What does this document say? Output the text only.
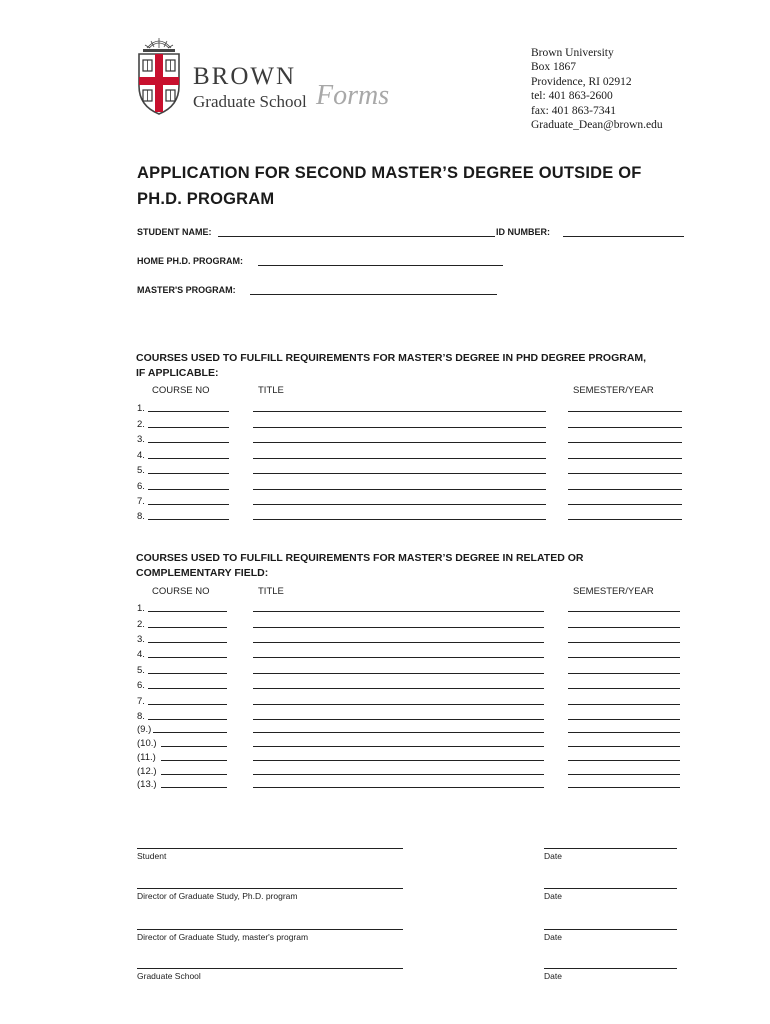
BROWN
Graduate School Forms
Brown University
Box 1867
Providence, RI 02912
tel: 401 863-2600
fax: 401 863-7341
Graduate_Dean@brown.edu
APPLICATION FOR SECOND MASTER’S DEGREE OUTSIDE OF
PH.D. PROGRAM
STUDENT NAME:	ID NUMBER:
HOME PH.D. PROGRAM:
MASTER'S PROGRAM:
COURSES USED TO FULFILL REQUIREMENTS FOR MASTER’S DEGREE IN PHD DEGREE PROGRAM,
IF APPLICABLE:
COURSE NO	TITLE	SEMESTER/YEAR
1.
2.
3.
4.
5.
6.
7.
8.
COURSES USED TO FULFILL REQUIREMENTS FOR MASTER’S DEGREE IN RELATED OR
COMPLEMENTARY FIELD:
COURSE NO	TITLE	SEMESTER/YEAR
1.
2.
3.
4.
5.
6.
7.
8.
(9.)
(10.)
(11.)
(12.)
(13.)
Student	Date
Director of Graduate Study, Ph.D. program	Date
Director of Graduate Study, master's program	Date
Graduate School	Date
